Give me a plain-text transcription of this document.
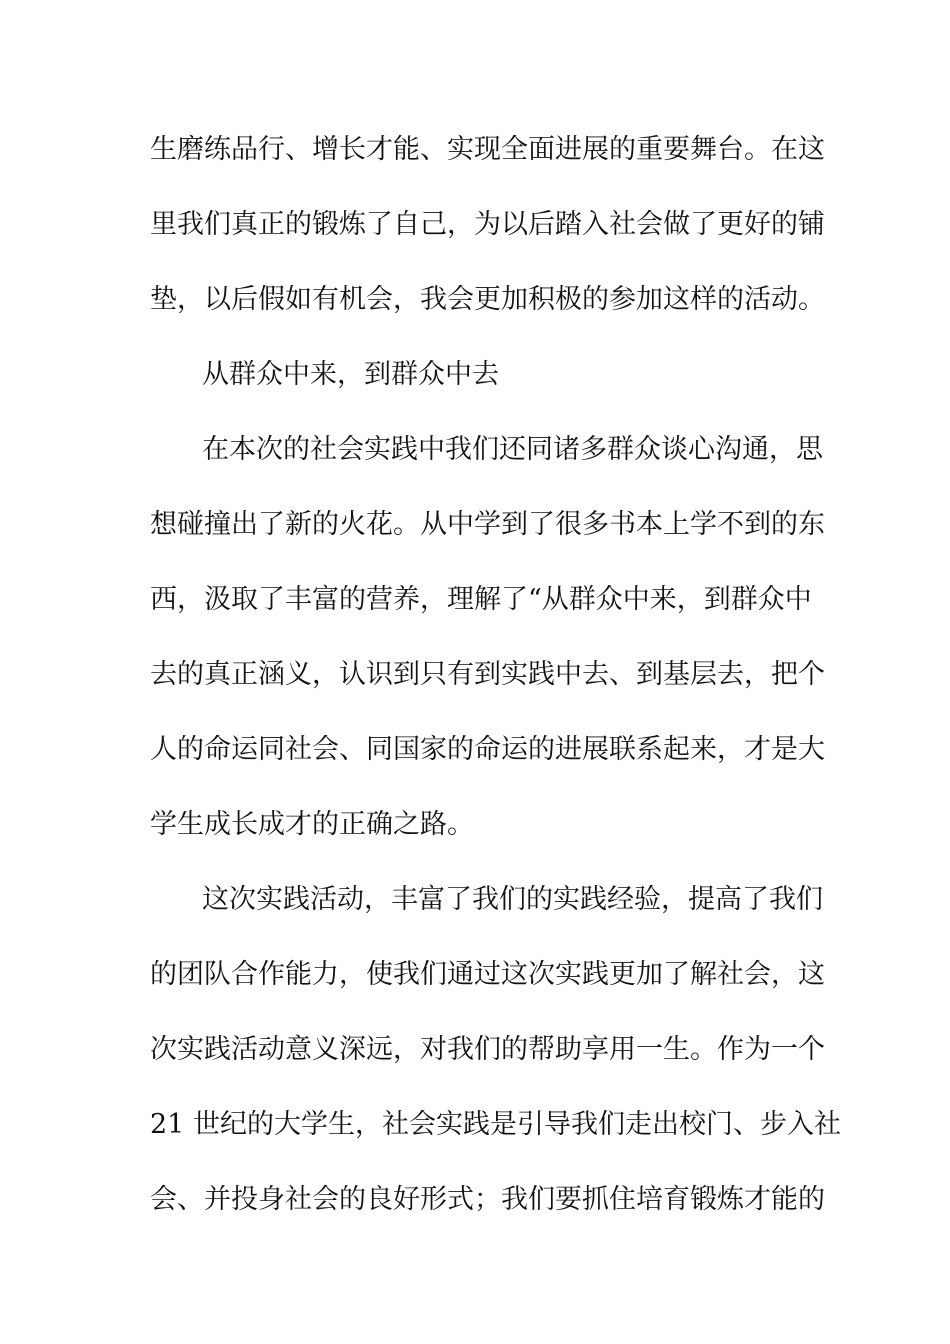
生磨练品行、增长才能、实现全面进展的重要舞台。在这
里我们真正的锻炼了自己，为以后踏入社会做了更好的铺
垫，以后假如有机会，我会更加积极的参加这样的活动。
从群众中来，到群众中去
在本次的社会实践中我们还同诸多群众谈心沟通，思
想碰撞出了新的火花。从中学到了很多书本上学不到的东
西，汲取了丰富的营养，理解了“从群众中来，到群众中
去的真正涵义，认识到只有到实践中去、到基层去，把个
人的命运同社会、同国家的命运的进展联系起来，才是大
学生成长成才的正确之路。
这次实践活动，丰富了我们的实践经验，提高了我们
的团队合作能力，使我们通过这次实践更加了解社会，这
次实践活动意义深远，对我们的帮助享用一生。作为一个
21 世纪的大学生，社会实践是引导我们走出校门、步入社
会、并投身社会的良好形式；我们要抓住培育锻炼才能的
